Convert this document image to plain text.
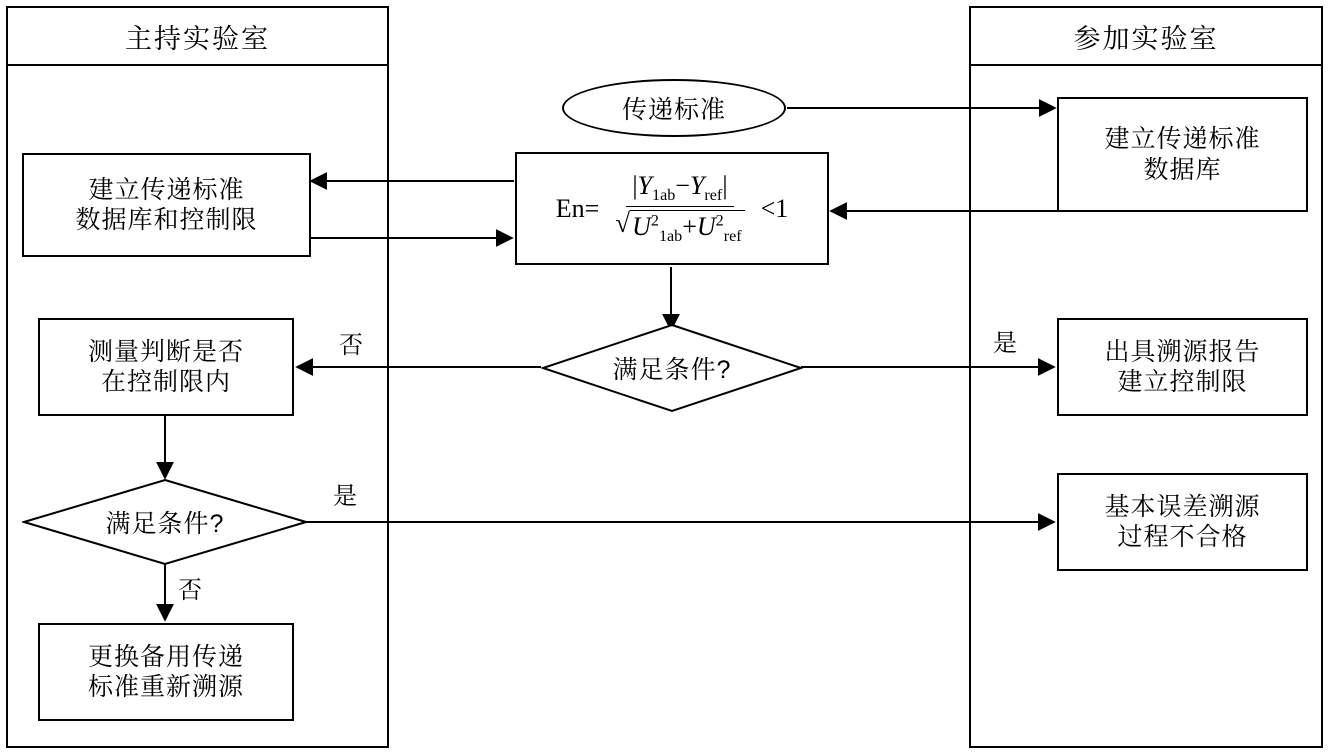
主持实验室	参加实验室
传递标准
建立传递标准
数据库
建立传递标准
数据库和控制限	$En= \frac{|Y_{1ab}-Y_{ref}|}{√ U^2_{1ab}+U^2_{ref}} <1$
测量判断是否
在控制限内	满足条件?
出具溯源报告
建立控制限
满足条件?
基本误差溯源
过程不合格
更换备用传递
标准重新溯源
否	是
是
否
